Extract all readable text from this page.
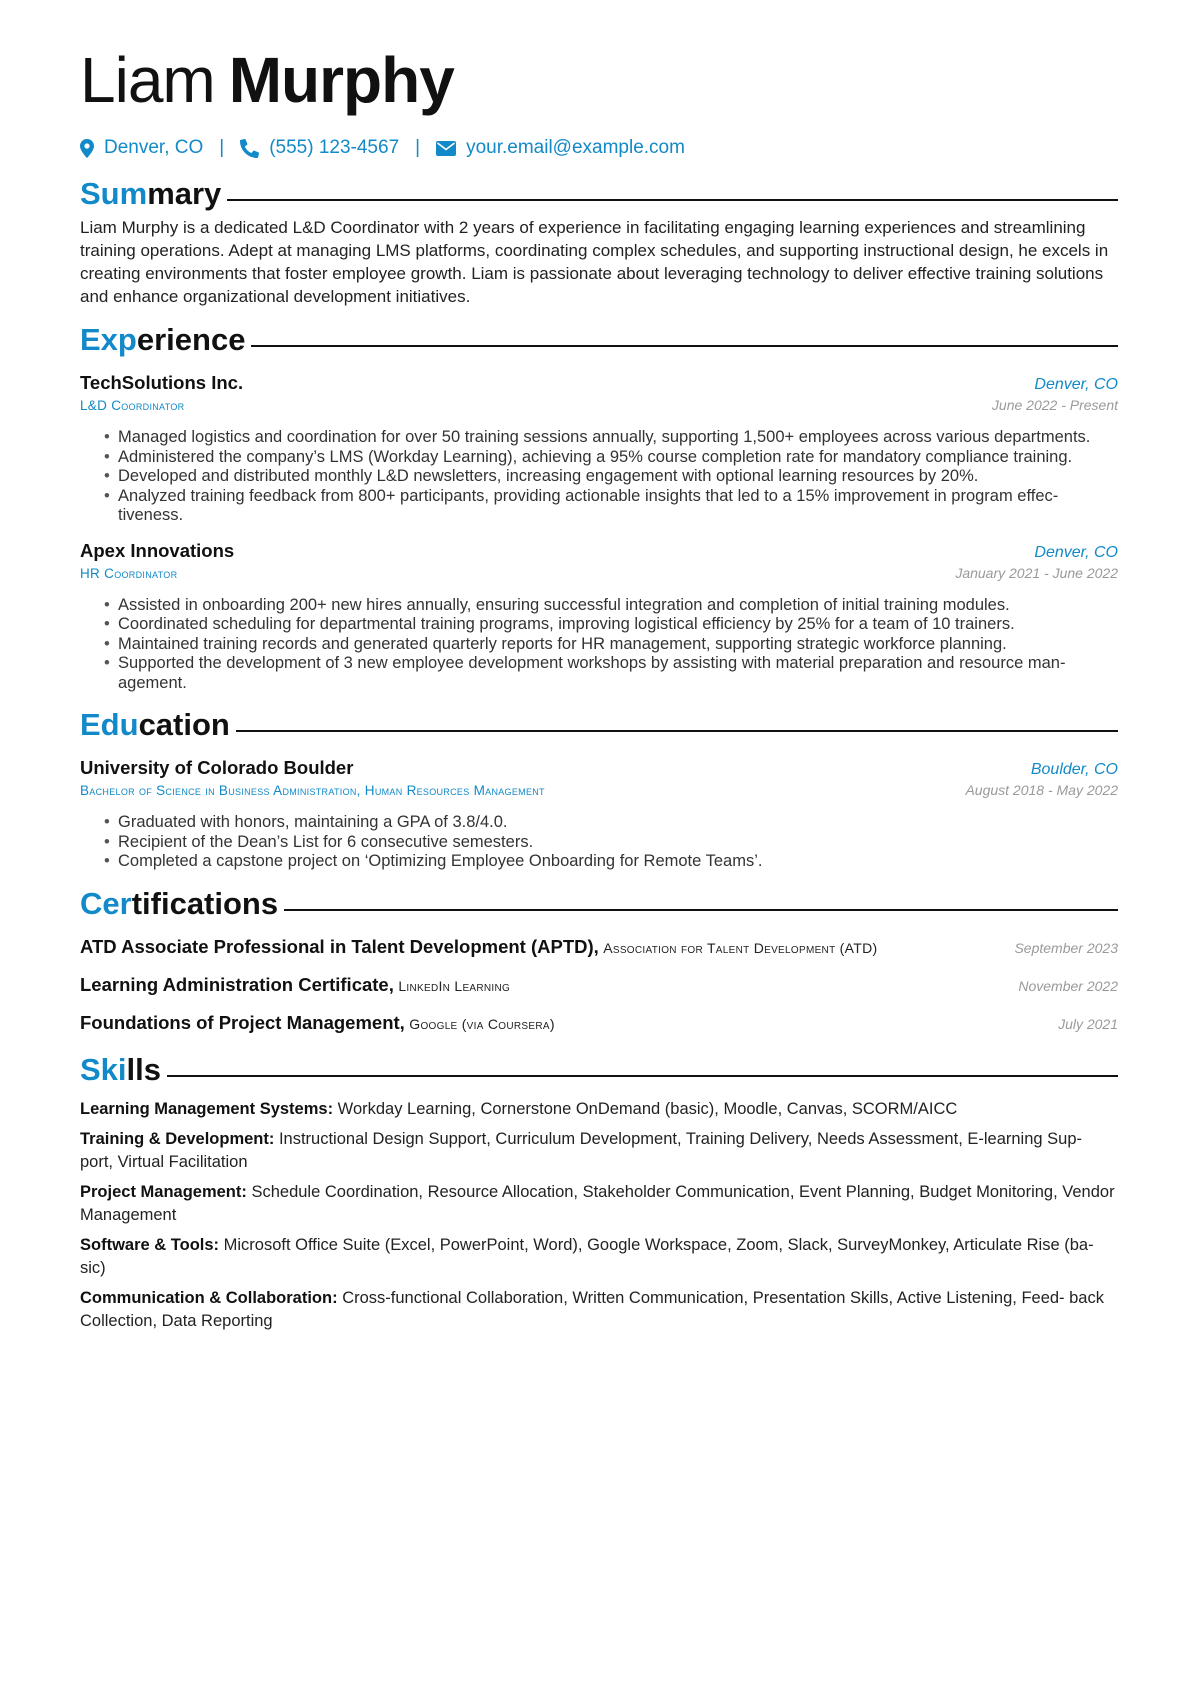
Liam Murphy
Denver, CO | (555) 123-4567 | your.email@example.com
Summary
Liam Murphy is a dedicated L&D Coordinator with 2 years of experience in facilitating engaging learning experiences and streamlining training operations. Adept at managing LMS platforms, coordinating complex schedules, and supporting instructional design, he excels in creating environments that foster employee growth. Liam is passionate about leveraging technology to deliver effective training solutions and enhance organizational development initiatives.
Experience
TechSolutions Inc.	Denver, CO
L&D Coordinator	June 2022 - Present
• Managed logistics and coordination for over 50 training sessions annually, supporting 1,500+ employees across various departments.
• Administered the company’s LMS (Workday Learning), achieving a 95% course completion rate for mandatory compliance training.
• Developed and distributed monthly L&D newsletters, increasing engagement with optional learning resources by 20%.
• Analyzed training feedback from 800+ participants, providing actionable insights that led to a 15% improvement in program effec- tiveness.
Apex Innovations	Denver, CO
HR Coordinator	January 2021 - June 2022
• Assisted in onboarding 200+ new hires annually, ensuring successful integration and completion of initial training modules.
• Coordinated scheduling for departmental training programs, improving logistical efficiency by 25% for a team of 10 trainers.
• Maintained training records and generated quarterly reports for HR management, supporting strategic workforce planning.
• Supported the development of 3 new employee development workshops by assisting with material preparation and resource man- agement.
Education
University of Colorado Boulder	Boulder, CO
Bachelor of Science in Business Administration, Human Resources Management	August 2018 - May 2022
• Graduated with honors, maintaining a GPA of 3.8/4.0.
• Recipient of the Dean’s List for 6 consecutive semesters.
• Completed a capstone project on ‘Optimizing Employee Onboarding for Remote Teams’.
Certifications
ATD Associate Professional in Talent Development (APTD), Association for Talent Development (ATD)	September 2023
Learning Administration Certificate, LinkedIn Learning	November 2022
Foundations of Project Management, Google (via Coursera)	July 2021
Skills
Learning Management Systems: Workday Learning, Cornerstone OnDemand (basic), Moodle, Canvas, SCORM/AICC
Training & Development: Instructional Design Support, Curriculum Development, Training Delivery, Needs Assessment, E-learning Sup- port, Virtual Facilitation
Project Management: Schedule Coordination, Resource Allocation, Stakeholder Communication, Event Planning, Budget Monitoring, Vendor Management
Software & Tools: Microsoft Office Suite (Excel, PowerPoint, Word), Google Workspace, Zoom, Slack, SurveyMonkey, Articulate Rise (ba- sic)
Communication & Collaboration: Cross-functional Collaboration, Written Communication, Presentation Skills, Active Listening, Feed- back Collection, Data Reporting
